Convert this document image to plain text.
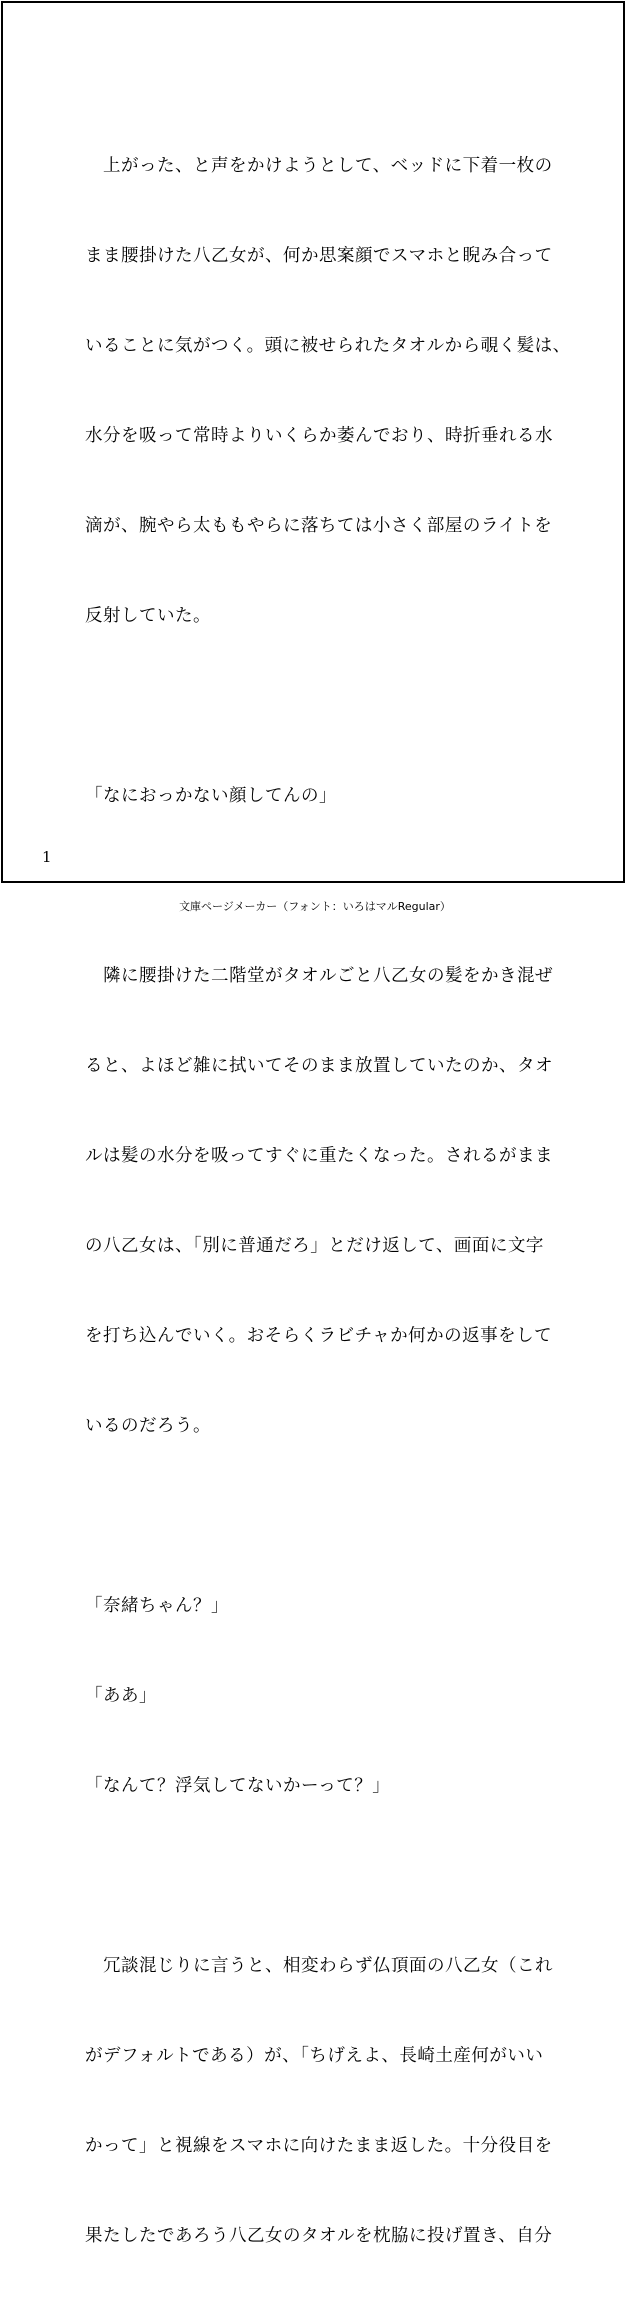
　上がった、と声をかけようとして、ベッドに下着一枚の

まま腰掛けた八乙女が、何か思案顔でスマホと睨み合って

いることに気がつく。頭に被せられたタオルから覗く髪は、

水分を吸って常時よりいくらか萎んでおり、時折垂れる水

滴が、腕やら太ももやらに落ちては小さく部屋のライトを

反射していた。

「なにおっかない顔してんの」

　隣に腰掛けた二階堂がタオルごと八乙女の髪をかき混ぜ

ると、よほど雑に拭いてそのまま放置していたのか、タオ

ルは髪の水分を吸ってすぐに重たくなった。されるがまま

の八乙女は、「別に普通だろ」とだけ返して、画面に文字

を打ち込んでいく。おそらくラビチャか何かの返事をして

いるのだろう。

「奈緒ちゃん？」

「ああ」

「なんて？浮気してないかーって？」

　冗談混じりに言うと、相変わらず仏頂面の八乙女（これ

がデフォルトである）が、「ちげえよ、長崎土産何がいい

かって」と視線をスマホに向けたまま返した。十分役目を

果たしたであろう八乙女のタオルを枕脇に投げ置き、自分

1
文庫ページメーカー（フォント：いろはマルRegular）
